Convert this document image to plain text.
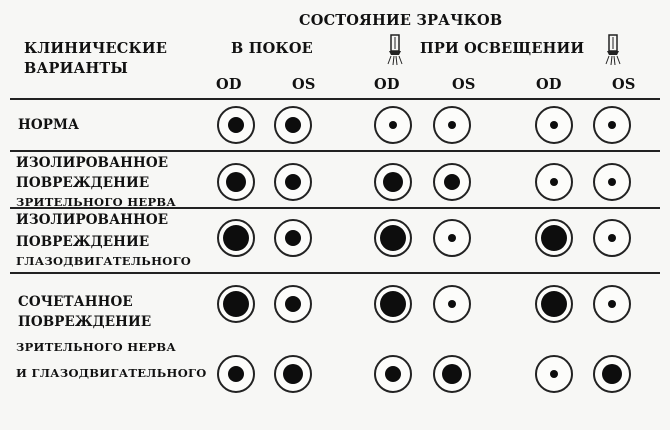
СОСТОЯНИЕ ЗРАЧКОВ
КЛИНИЧЕСКИЕ
ВАРИАНТЫ
В ПОКОЕ	ПРИ ОСВЕЩЕНИИ
OD	OS	OD	OS	OD	OS
НОРМА
ИЗОЛИРОВАННОЕ
ПОВРЕЖДЕНИЕ
ЗРИТЕЛЬНОГО НЕРВА
ИЗОЛИРОВАННОЕ
ПОВРЕЖДЕНИЕ
ГЛАЗОДВИГАТЕЛЬНОГО
СОЧЕТАННОЕ
ПОВРЕЖДЕНИЕ
ЗРИТЕЛЬНОГО НЕРВА
И ГЛАЗОДВИГАТЕЛЬНОГО
